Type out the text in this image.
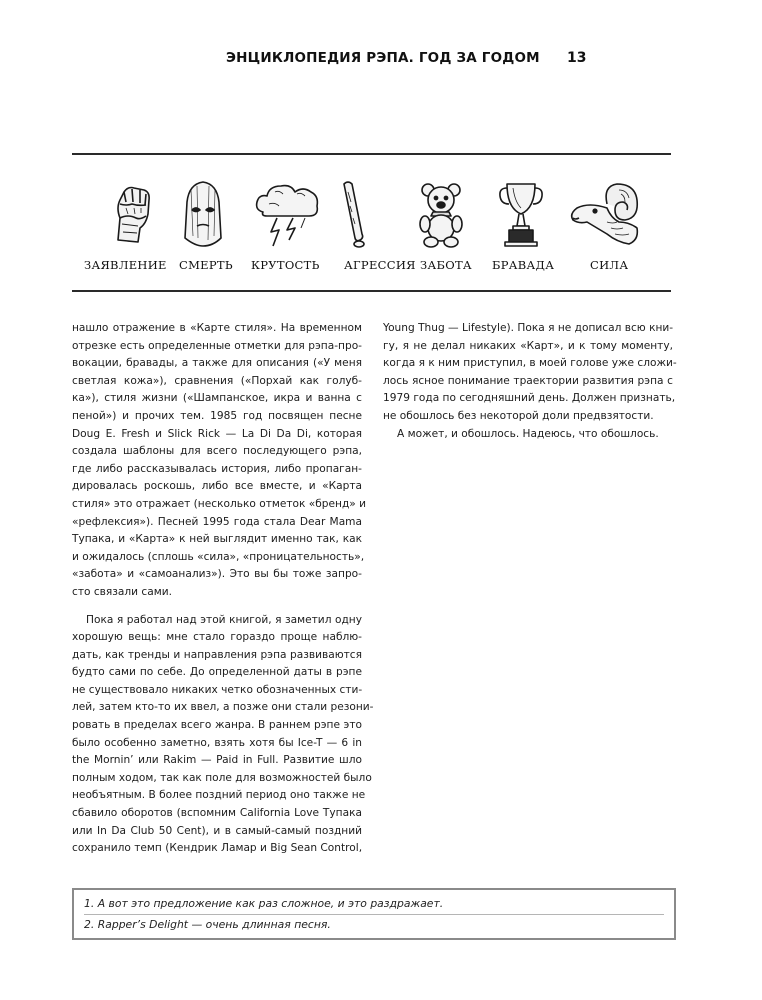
ЭНЦИКЛОПЕДИЯ РЭПА. ГОД ЗА ГОДОМ 13
ЗАЯВЛЕНИЕ СМЕРТЬ КРУТОСТЬ АГРЕССИЯ ЗАБОТА БРАВАДА	СИЛА
нашло отражение в «Карте стиля». На временном
отрезке есть определенные отметки для рэпа-про-
вокации, бравады, а также для описания («У меня
светлая кожа»), сравнения («Порхай как голуб-
ка»), стиля жизни («Шампанское, икра и ванна с
пеной») и прочих тем. 1985 год посвящен песне
Doug E. Fresh и Slick Rick — La Di Da Di, которая
создала шаблоны для всего последующего рэпа,
где либо рассказывалась история, либо пропаган-
дировалась роскошь, либо все вместе, и «Карта
стиля» это отражает (несколько отметок «бренд» и
«рефлексия»). Песней 1995 года стала Dear Mama
Тупака, и «Карта» к ней выглядит именно так, как
и ожидалось (сплошь «сила», «проницательность»,
«забота» и «самоанализ»). Это вы бы тоже запро-
сто связали сами.
Пока я работал над этой книгой, я заметил одну
хорошую вещь: мне стало гораздо проще наблю-
дать, как тренды и направления рэпа развиваются
будто сами по себе. До определенной даты в рэпе
не существовало никаких четко обозначенных сти-
лей, затем кто-то их ввел, а позже они стали резони-
ровать в пределах всего жанра. В раннем рэпе это
было особенно заметно, взять хотя бы Ice-T — 6 in
the Mornin’ или Rakim — Paid in Full. Развитие шло
полным ходом, так как поле для возможностей было
необъятным. В более поздний период оно также не
сбавило оборотов (вспомним California Love Тупака
или In Da Club 50 Cent), и в самый-самый поздний
сохранило темп (Кендрик Ламар и Big Sean Control,
Young Thug — Lifestyle). Пока я не дописал всю кни-
гу, я не делал никаких «Карт», и к тому моменту,
когда я к ним приступил, в моей голове уже сложи-
лось ясное понимание траектории развития рэпа с
1979 года по сегодняшний день. Должен признать,
не обошлось без некоторой доли предвзятости.
А может, и обошлось. Надеюсь, что обошлось.
1. А вот это предложение как раз сложное, и это раздражает.
2. Rapper’s Delight — очень длинная песня.
